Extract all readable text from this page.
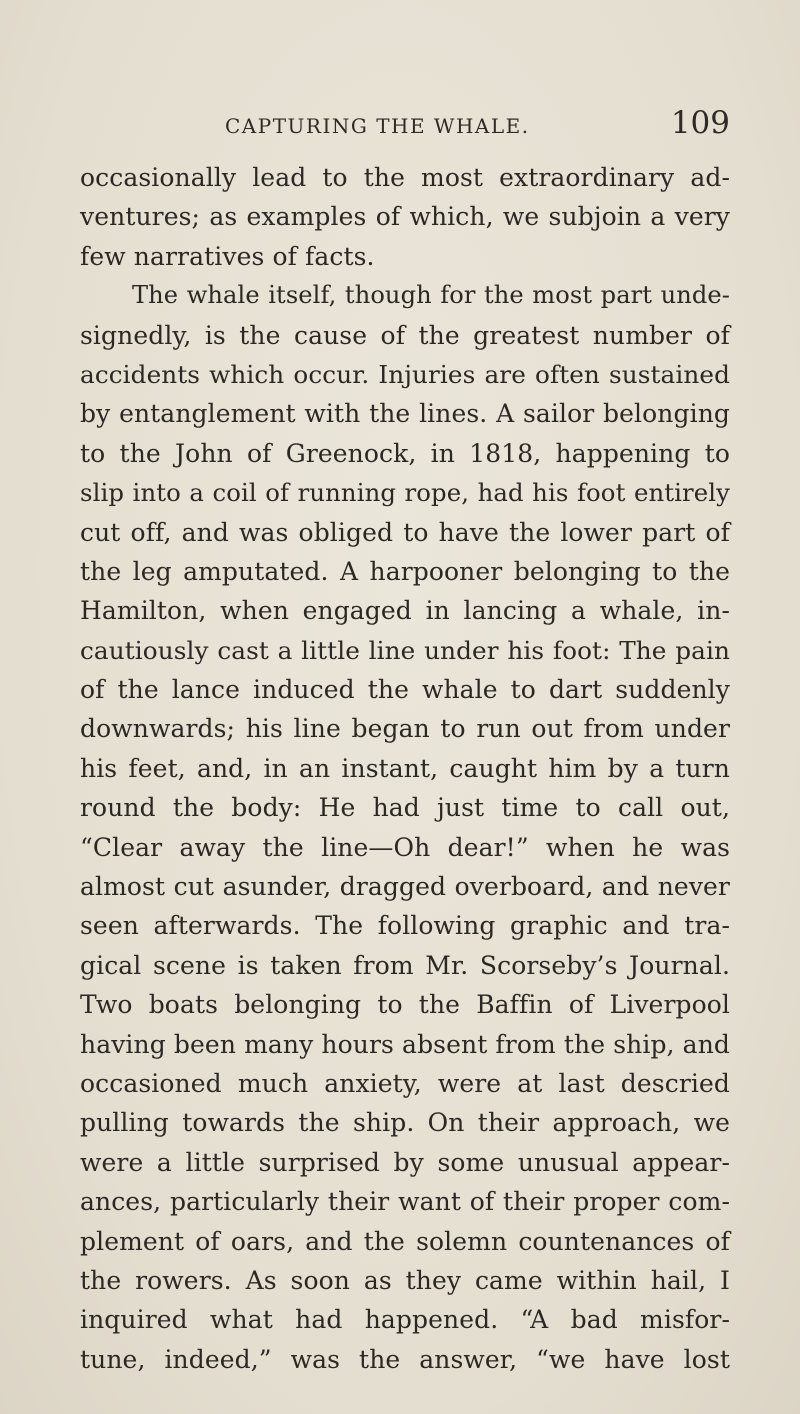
CAPTURING THE WHALE.	109
occasionally lead to the most extraordinary ad-
ventures; as examples of which, we subjoin a very
few narratives of facts.
The whale itself, though for the most part unde-
signedly, is the cause of the greatest number of
accidents which occur. Injuries are often sustained
by entanglement with the lines. A sailor belonging
to the John of Greenock, in 1818, happening to
slip into a coil of running rope, had his foot entirely
cut off, and was obliged to have the lower part of
the leg amputated. A harpooner belonging to the
Hamilton, when engaged in lancing a whale, in-
cautiously cast a little line under his foot: The pain
of the lance induced the whale to dart suddenly
downwards; his line began to run out from under
his feet, and, in an instant, caught him by a turn
round the body: He had just time to call out,
“Clear away the line—Oh dear!” when he was
almost cut asunder, dragged overboard, and never
seen afterwards. The following graphic and tra-
gical scene is taken from Mr. Scorseby’s Journal.
Two boats belonging to the Baffin of Liverpool
having been many hours absent from the ship, and
occasioned much anxiety, were at last descried
pulling towards the ship. On their approach, we
were a little surprised by some unusual appear-
ances, particularly their want of their proper com-
plement of oars, and the solemn countenances of
the rowers. As soon as they came within hail, I
inquired what had happened. “A bad misfor-
tune, indeed,” was the answer, “we have lost
